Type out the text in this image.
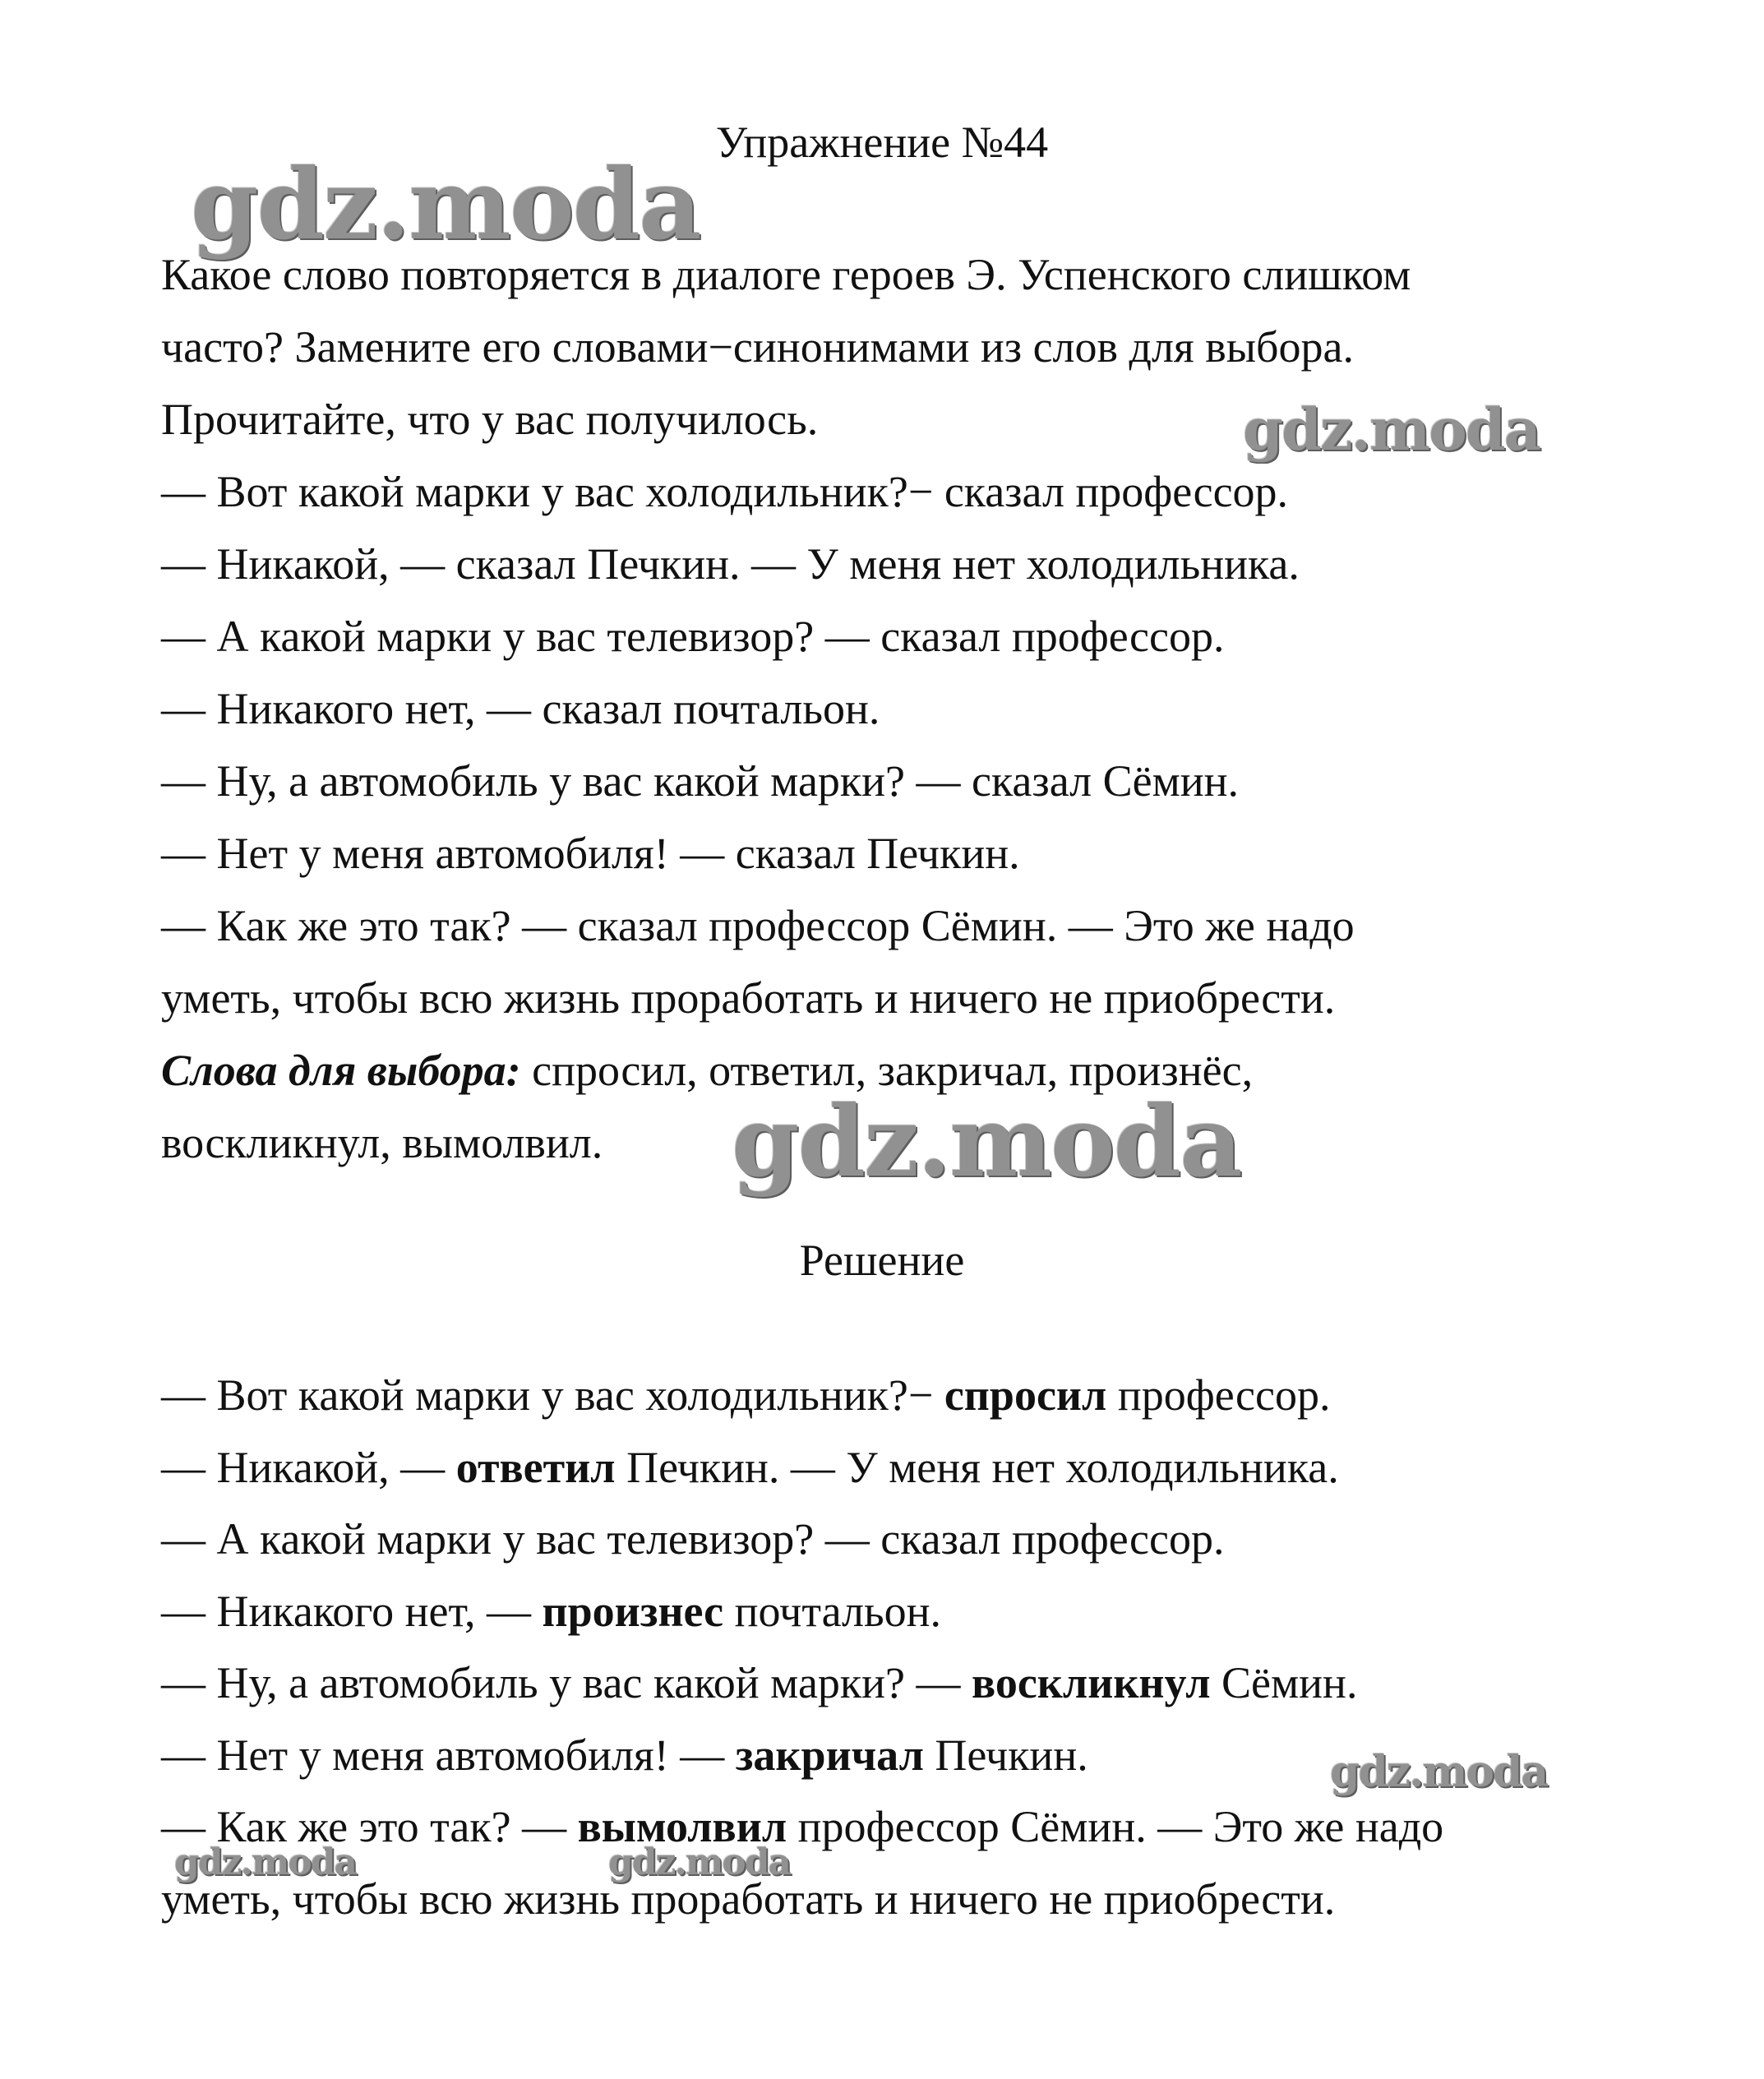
Упражнение №44
gdz.moda

Какое слово повторяется в диалоге героев Э. Успенского слишком

часто? Замените его словами−синонимами из слов для выбора.

Прочитайте, что у вас получилось.

— Вот какой марки у вас холодильник?− сказал профессор.

— Никакой, — сказал Печкин. — У меня нет холодильника.

— А какой марки у вас телевизор? — сказал профессор.

— Никакого нет, — сказал почтальон.

— Ну, а автомобиль у вас какой марки? — сказал Сёмин.

— Нет у меня автомобиля! — сказал Печкин.

— Как же это так? — сказал профессор Сёмин. — Это же надо

уметь, чтобы всю жизнь проработать и ничего не приобрести.

Слова для выбора: спросил, ответил, закричал, произнёс,

воскликнул, вымолвил.

gdz.moda
gdz.moda
Решение

— Вот какой марки у вас холодильник?− спросил профессор.

— Никакой, — ответил Печкин. — У меня нет холодильника.

— А какой марки у вас телевизор? — сказал профессор.

— Никакого нет, — произнес почтальон.

— Ну, а автомобиль у вас какой марки? — воскликнул Сёмин.

— Нет у меня автомобиля! — закричал Печкин.

— Как же это так? — вымолвил профессор Сёмин. — Это же надо

уметь, чтобы всю жизнь проработать и ничего не приобрести.

gdz.moda
gdz.moda	gdz.moda
